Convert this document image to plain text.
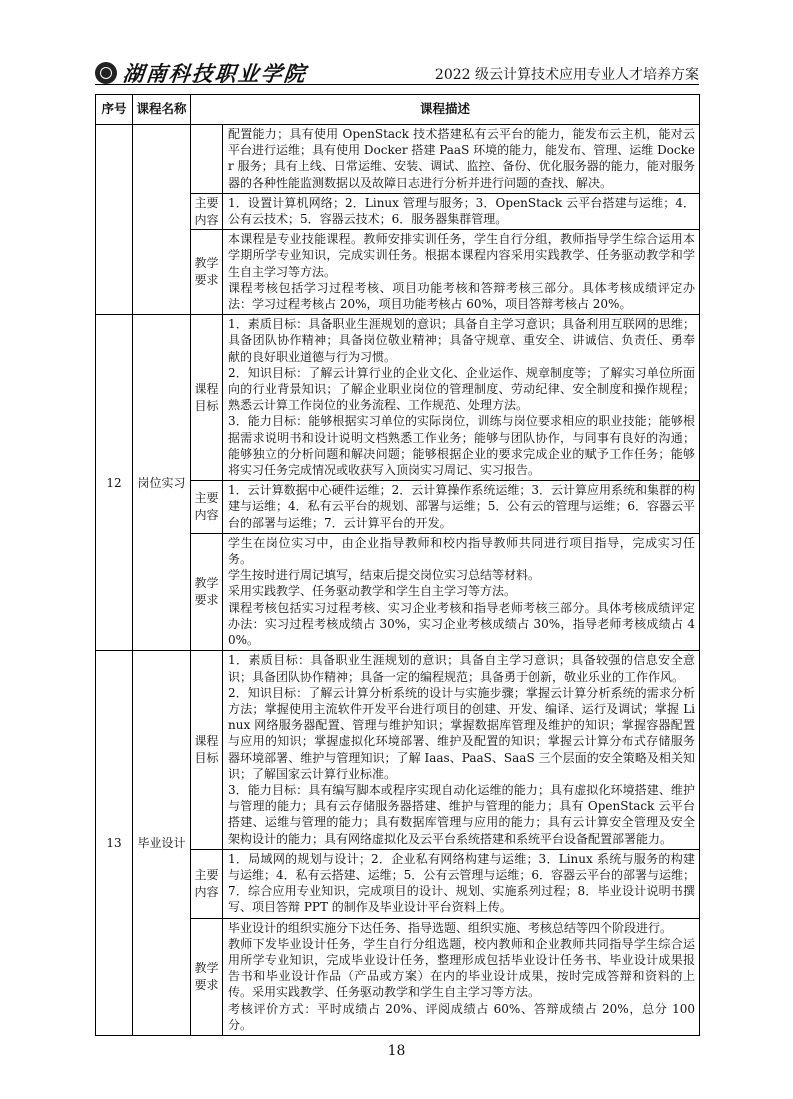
湖南科技职业学院	2022 级云计算技术应用专业人才培养方案
序号	课程名称	课程描述	

			配置能力；具有使用 OpenStack 技术搭建私有云平台的能力，能发布云主机，能对云平台进行运维；具有使用 Docker 搭建 PaaS 环境的能力，能发布、管理、运维 Docker 服务；具有上线、日常运维、安装、调试、监控、备份、优化服务器的能力，能对服务器的各种性能监测数据以及故障日志进行分析并进行问题的查找、解决。

		主要内容	1．设置计算机网络；2．Linux 管理与服务；3．OpenStack 云平台搭建与运维；4．公有云技术；5．容器云技术；6．服务器集群管理。

		教学要求	本课程是专业技能课程。教师安排实训任务，学生自行分组，教师指导学生综合运用本学期所学专业知识，完成实训任务。根据本课程内容采用实践教学、任务驱动教学和学生自主学习等方法。

课程考核包括学习过程考核、项目功能考核和答辩考核三部分。具体考核成绩评定办法：学习过程考核占 20%，项目功能考核占 60%，项目答辩考核占 20%。

12	岗位实习	课程目标	1．素质目标：具备职业生涯规划的意识；具备自主学习意识；具备利用互联网的思维；具备团队协作精神；具备岗位敬业精神；具备守规章、重安全、讲诚信、负责任、勇奉献的良好职业道德与行为习惯。

2．知识目标：了解云计算行业的企业文化、企业运作、规章制度等；了解实习单位所面向的行业背景知识；了解企业职业岗位的管理制度、劳动纪律、安全制度和操作规程；熟悉云计算工作岗位的业务流程、工作规范、处理方法。

3．能力目标：能够根据实习单位的实际岗位，训练与岗位要求相应的职业技能；能够根据需求说明书和设计说明文档熟悉工作业务；能够与团队协作，与同事有良好的沟通；能够独立的分析问题和解决问题；能够根据企业的要求完成企业的赋予工作任务；能够将实习任务完成情况或收获写入顶岗实习周记、实习报告。

		主要内容	1．云计算数据中心硬件运维；2．云计算操作系统运维；3．云计算应用系统和集群的构建与运维；4．私有云平台的规划、部署与运维；5．公有云的管理与运维；6．容器云平台的部署与运维；7．云计算平台的开发。

		教学要求	学生在岗位实习中，由企业指导教师和校内指导教师共同进行项目指导，完成实习任务。

学生按时进行周记填写，结束后提交岗位实习总结等材料。

采用实践教学、任务驱动教学和学生自主学习等方法。

课程考核包括实习过程考核、实习企业考核和指导老师考核三部分。具体考核成绩评定办法：实习过程考核成绩占 30%，实习企业考核成绩占 30%，指导老师考核成绩占 40%。

13	毕业设计	课程目标	1．素质目标：具备职业生涯规划的意识；具备自主学习意识；具备较强的信息安全意识；具备团队协作精神；具备一定的编程规范；具备勇于创新，敬业乐业的工作作风。

2．知识目标：了解云计算分析系统的设计与实施步骤；掌握云计算分析系统的需求分析方法；掌握使用主流软件开发平台进行项目的创建、开发、编译、运行及调试；掌握 Linux 网络服务器配置、管理与维护知识；掌握数据库管理及维护的知识；掌握容器配置与应用的知识；掌握虚拟化环境部署、维护及配置的知识；掌握云计算分布式存储服务器环境部署、维护与管理知识；了解 Iaas、PaaS、SaaS 三个层面的安全策略及相关知识；了解国家云计算行业标准。

3．能力目标：具有编写脚本或程序实现自动化运维的能力；具有虚拟化环境搭建、维护与管理的能力；具有云存储服务器搭建、维护与管理的能力；具有 OpenStack 云平台搭建、运维与管理的能力；具有数据库管理与应用的能力；具有云计算安全管理及安全架构设计的能力；具有网络虚拟化及云平台系统搭建和系统平台设备配置部署能力。

		主要内容	1．局域网的规划与设计；2．企业私有网络构建与运维；3．Linux 系统与服务的构建与运维；4．私有云搭建、运维；5．公有云管理与运维；6．容器云平台的部署与运维；7．综合应用专业知识，完成项目的设计、规划、实施系列过程；8．毕业设计说明书撰写、项目答辩 PPT 的制作及毕业设计平台资料上传。

		教学要求	毕业设计的组织实施分下达任务、指导选题、组织实施、考核总结等四个阶段进行。

教师下发毕业设计任务，学生自行分组选题，校内教师和企业教师共同指导学生综合运用所学专业知识，完成毕业设计任务，整理形成包括毕业设计任务书、毕业设计成果报告书和毕业设计作品（产品或方案）在内的毕业设计成果，按时完成答辩和资料的上传。采用实践教学、任务驱动教学和学生自主学习等方法。

考核评价方式：平时成绩占 20%、评阅成绩占 60%、答辩成绩占 20%，总分 100 分。

18
